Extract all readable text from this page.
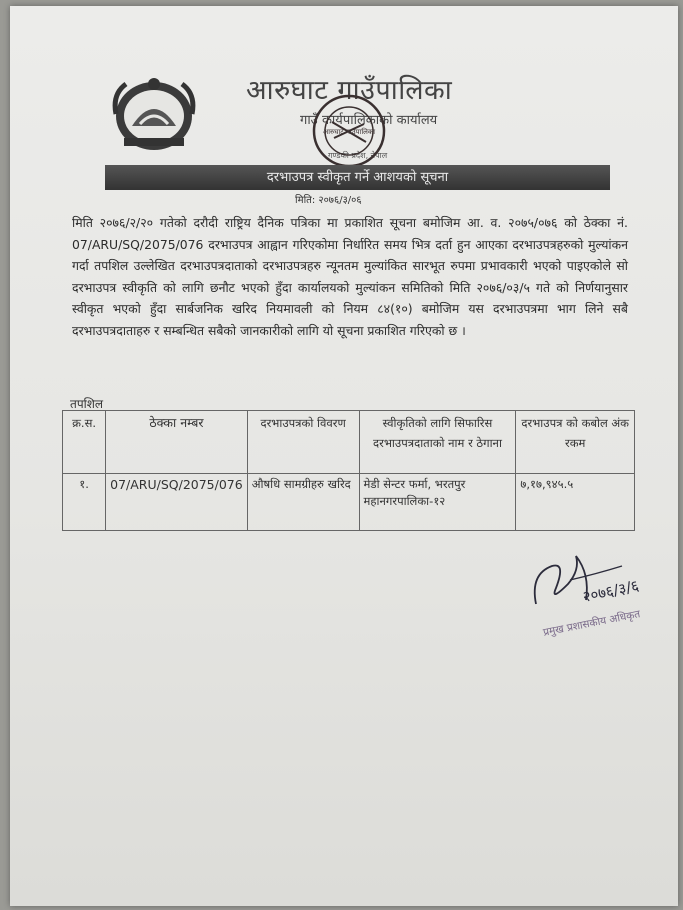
आरुघाट गाउँपालिका
गाउँ कार्यपालिकाको कार्यालय
गण्डकी प्रदेश, नेपाल
आरुघाट गाउँपालिका
दरभाउपत्र स्वीकृत गर्ने आशयको सूचना
मिति: २०७६/३/०६
मिति २०७६/२/२० गतेको दरौदी राष्ट्रिय दैनिक पत्रिका मा प्रकाशित सूचना बमोजिम आ. व. २०७५/०७६ को ठेक्का नं. 07/ARU/SQ/2075/076 दरभाउपत्र आह्वान गरिएकोमा निर्धारित समय भित्र दर्ता हुन आएका दरभाउपत्रहरुको मुल्यांकन गर्दा तपशिल उल्लेखित दरभाउपत्रदाताको दरभाउपत्रहरु न्यूनतम मुल्यांकित सारभूत रुपमा प्रभावकारी भएको पाइएकोले सो दरभाउपत्र स्वीकृति को लागि छनौट भएको हुँदा कार्यालयको मुल्यांकन समितिको मिति २०७६/०३/५ गते को निर्णयानुसार स्वीकृत भएको हुँदा सार्बजनिक खरिद नियमावली को नियम ८४(१०) बमोजिम यस दरभाउपत्रमा भाग लिने सबै दरभाउपत्रदाताहरु र सम्बन्धित सबैको जानकारीको लागि यो सूचना प्रकाशित गरिएको छ ।
तपशिल
क्र.स.	ठेक्का नम्बर	दरभाउपत्रको विवरण	स्वीकृतिको लागि सिफारिस दरभाउपत्रदाताको नाम र ठेगाना	दरभाउपत्र को कबोल अंक रकम
१.	07/ARU/SQ/2075/076	औषधि सामग्रीहरु खरिद	मेडी सेन्टर फर्मा, भरतपुर महानगरपालिका-१२	७,१७,९४५.५
२०७६/३/६
प्रमुख प्रशासकीय अधिकृत
